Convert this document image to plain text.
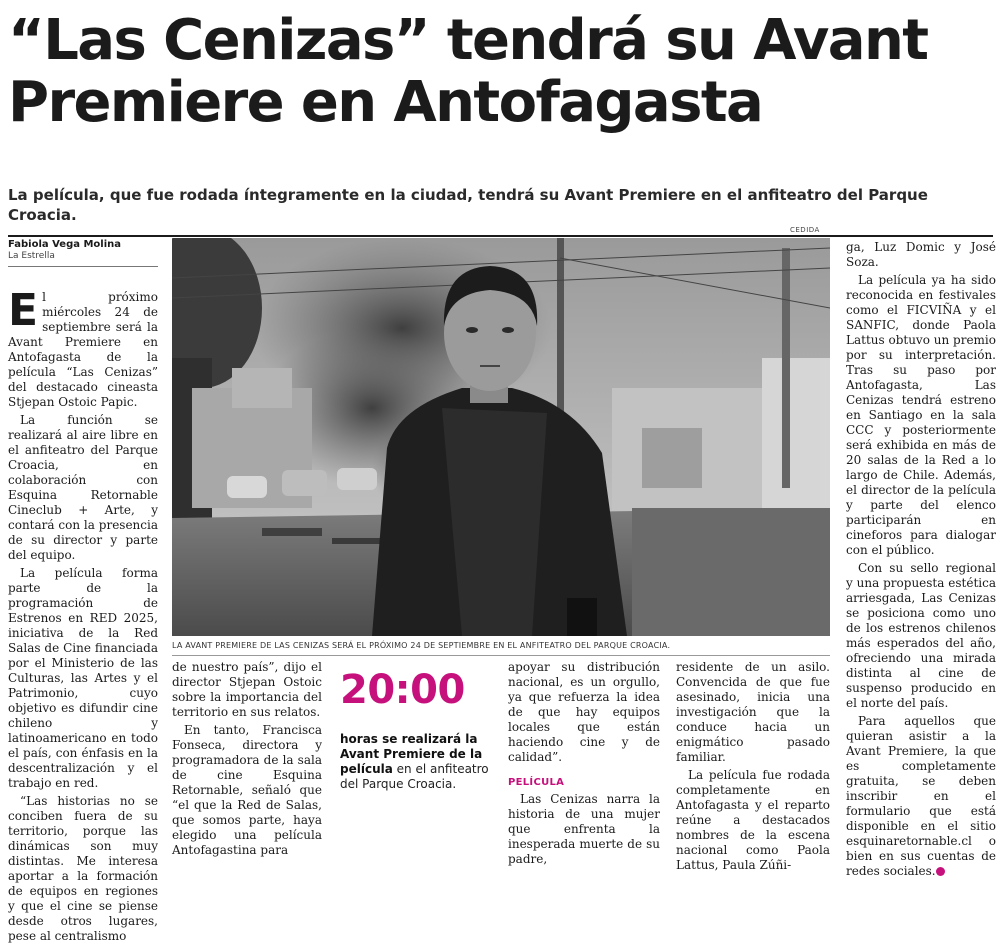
“Las Cenizas” tendrá su Avant Premiere en Antofagasta
La película, que fue rodada íntegramente en la ciudad, tendrá su Avant Premiere en el anfiteatro del Parque Croacia.
CEDIDA
Fabiola Vega Molina
La Estrella

El próximo miércoles 24 de septiembre será la Avant Premiere en Antofagasta de la película “Las Cenizas” del destacado cineasta Stjepan Ostoic Papic.

La función se realizará al aire libre en el anfiteatro del Parque Croacia, en colaboración con Esquina Retornable Cineclub + Arte, y contará con la presencia de su director y parte del equipo.

La película forma parte de la programación de Estrenos en RED 2025, iniciativa de la Red Salas de Cine financiada por el Ministerio de las Culturas, las Artes y el Patrimonio, cuyo objetivo es difundir cine chileno y latinoamericano en todo el país, con énfasis en la descentralización y el trabajo en red.

“Las historias no se conciben fuera de su territorio, porque las dinámicas son muy distintas. Me interesa aportar a la formación de equipos en regiones y que el cine se piense desde otros lugares, pese al centralismo

LA AVANT PREMIERE DE LAS CENIZAS SERÁ EL PRÓXIMO 24 DE SEPTIEMBRE EN EL ANFITEATRO DEL PARQUE CROACIA.

de nuestro país”, dijo el director Stjepan Ostoic sobre la importancia del territorio en sus relatos.

En tanto, Francisca Fonseca, directora y programadora de la sala de cine Esquina Retornable, señaló que “el que la Red de Salas, que somos parte, haya elegido una película Antofagastina para

20:00
horas se realizará la Avant Premiere de la película en el anfiteatro del Parque Croacia.

apoyar su distribución nacional, es un orgullo, ya que refuerza la idea de que hay equipos locales que están haciendo cine y de calidad”.

PELÍCULA

Las Cenizas narra la historia de una mujer que enfrenta la inesperada muerte de su padre,

residente de un asilo. Convencida de que fue asesinado, inicia una investigación que la conduce hacia un enigmático pasado familiar.

La película fue rodada completamente en Antofagasta y el reparto reúne a destacados nombres de la escena nacional como Paola Lattus, Paula Zúñi-

ga, Luz Domic y José Soza.

La película ya ha sido reconocida en festivales como el FICVIÑA y el SANFIC, donde Paola Lattus obtuvo un premio por su interpretación. Tras su paso por Antofagasta, Las Cenizas tendrá estreno en Santiago en la sala CCC y posteriormente será exhibida en más de 20 salas de la Red a lo largo de Chile. Además, el director de la película y parte del elenco participarán en cineforos para dialogar con el público.

Con su sello regional y una propuesta estética arriesgada, Las Cenizas se posiciona como uno de los estrenos chilenos más esperados del año, ofreciendo una mirada distinta al cine de suspenso producido en el norte del país.

Para aquellos que quieran asistir a la Avant Premiere, la que es completamente gratuita, se deben inscribir en el formulario que está disponible en el sitio esquinaretornable.cl o bien en sus cuentas de redes sociales. ✪
